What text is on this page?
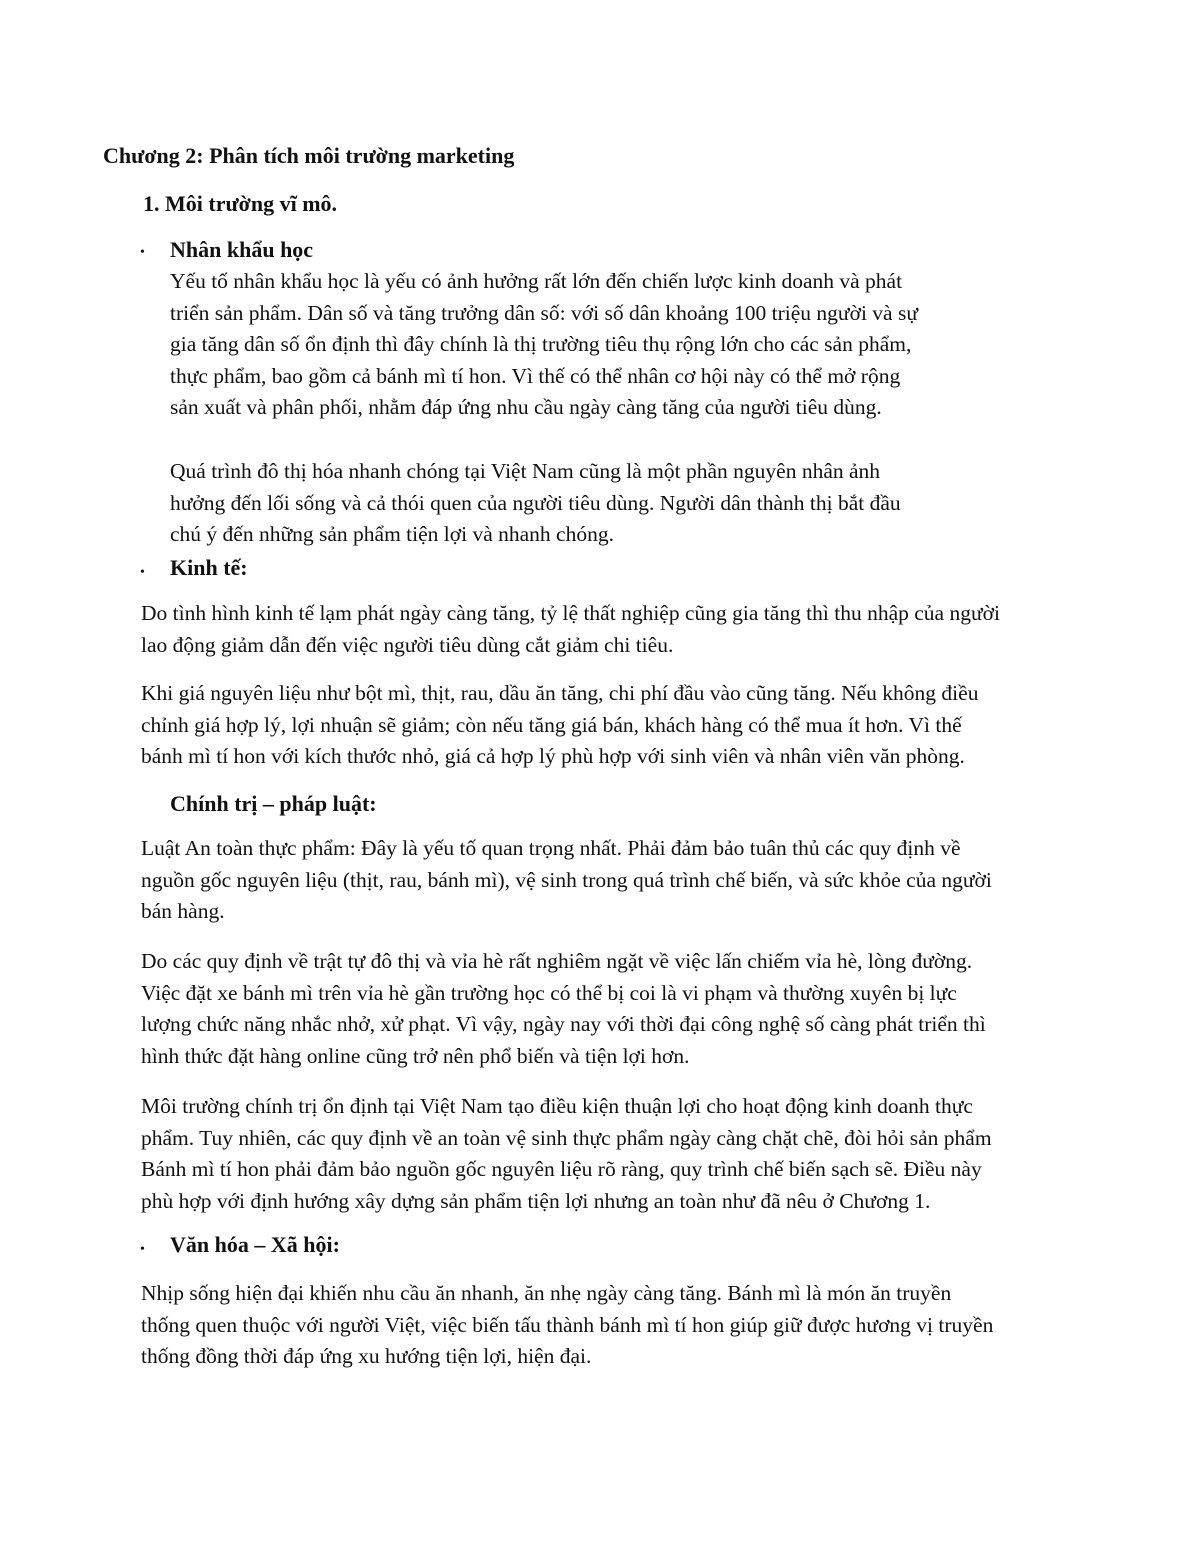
Chương 2: Phân tích môi trường marketing
1. Môi trường vĩ mô.
•	Nhân khẩu học
Yếu tố nhân khẩu học là yếu có ảnh hưởng rất lớn đến chiến lược kinh doanh và phát
triển sản phẩm. Dân số và tăng trưởng dân số: với số dân khoảng 100 triệu người và sự
gia tăng dân số ổn định thì đây chính là thị trường tiêu thụ rộng lớn cho các sản phẩm,
thực phẩm, bao gồm cả bánh mì tí hon. Vì thế có thể nhân cơ hội này có thể mở rộng
sản xuất và phân phối, nhằm đáp ứng nhu cầu ngày càng tăng của người tiêu dùng.
Quá trình đô thị hóa nhanh chóng tại Việt Nam cũng là một phần nguyên nhân ảnh
hưởng đến lối sống và cả thói quen của người tiêu dùng. Người dân thành thị bắt đầu
chú ý đến những sản phẩm tiện lợi và nhanh chóng.
•	Kinh tế:
Do tình hình kinh tế lạm phát ngày càng tăng, tỷ lệ thất nghiệp cũng gia tăng thì thu nhập của người
lao động giảm dẫn đến việc người tiêu dùng cắt giảm chi tiêu.
Khi giá nguyên liệu như bột mì, thịt, rau, dầu ăn tăng, chi phí đầu vào cũng tăng. Nếu không điều
chỉnh giá hợp lý, lợi nhuận sẽ giảm; còn nếu tăng giá bán, khách hàng có thể mua ít hơn. Vì thế
bánh mì tí hon với kích thước nhỏ, giá cả hợp lý phù hợp với sinh viên và nhân viên văn phòng.
Chính trị – pháp luật:
Luật An toàn thực phẩm: Đây là yếu tố quan trọng nhất. Phải đảm bảo tuân thủ các quy định về
nguồn gốc nguyên liệu (thịt, rau, bánh mì), vệ sinh trong quá trình chế biến, và sức khỏe của người
bán hàng.
Do các quy định về trật tự đô thị và vỉa hè rất nghiêm ngặt về việc lấn chiếm vỉa hè, lòng đường.
Việc đặt xe bánh mì trên vỉa hè gần trường học có thể bị coi là vi phạm và thường xuyên bị lực
lượng chức năng nhắc nhở, xử phạt. Vì vậy, ngày nay với thời đại công nghệ số càng phát triển thì
hình thức đặt hàng online cũng trở nên phổ biến và tiện lợi hơn.
Môi trường chính trị ổn định tại Việt Nam tạo điều kiện thuận lợi cho hoạt động kinh doanh thực
phẩm. Tuy nhiên, các quy định về an toàn vệ sinh thực phẩm ngày càng chặt chẽ, đòi hỏi sản phẩm
Bánh mì tí hon phải đảm bảo nguồn gốc nguyên liệu rõ ràng, quy trình chế biến sạch sẽ. Điều này
phù hợp với định hướng xây dựng sản phẩm tiện lợi nhưng an toàn như đã nêu ở Chương 1.
•	Văn hóa – Xã hội:
Nhịp sống hiện đại khiến nhu cầu ăn nhanh, ăn nhẹ ngày càng tăng. Bánh mì là món ăn truyền
thống quen thuộc với người Việt, việc biến tấu thành bánh mì tí hon giúp giữ được hương vị truyền
thống đồng thời đáp ứng xu hướng tiện lợi, hiện đại.
